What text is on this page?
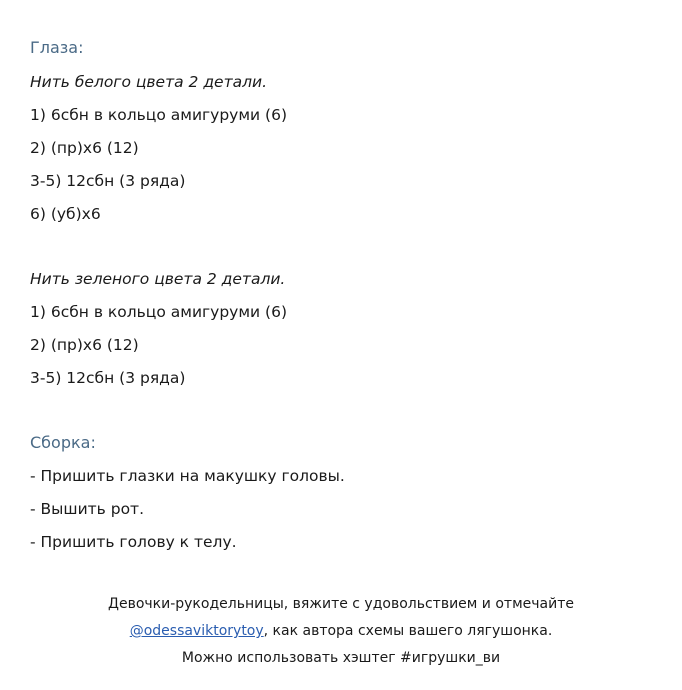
Глаза:
Нить белого цвета 2 детали.
1) 6сбн в кольцо амигуруми (6)
2) (пр)х6 (12)
3-5) 12сбн (3 ряда)
6) (уб)х6
Нить зеленого цвета 2 детали.
1) 6сбн в кольцо амигуруми (6)
2) (пр)х6 (12)
3-5) 12сбн (3 ряда)
Сборка:
- Пришить глазки на макушку головы.
- Вышить рот.
- Пришить голову к телу.
Девочки-рукодельницы, вяжите с удовольствием и отмечайте
@odessaviktorytoy, как автора схемы вашего лягушонка.
Можно использовать хэштег #игрушки_ви
